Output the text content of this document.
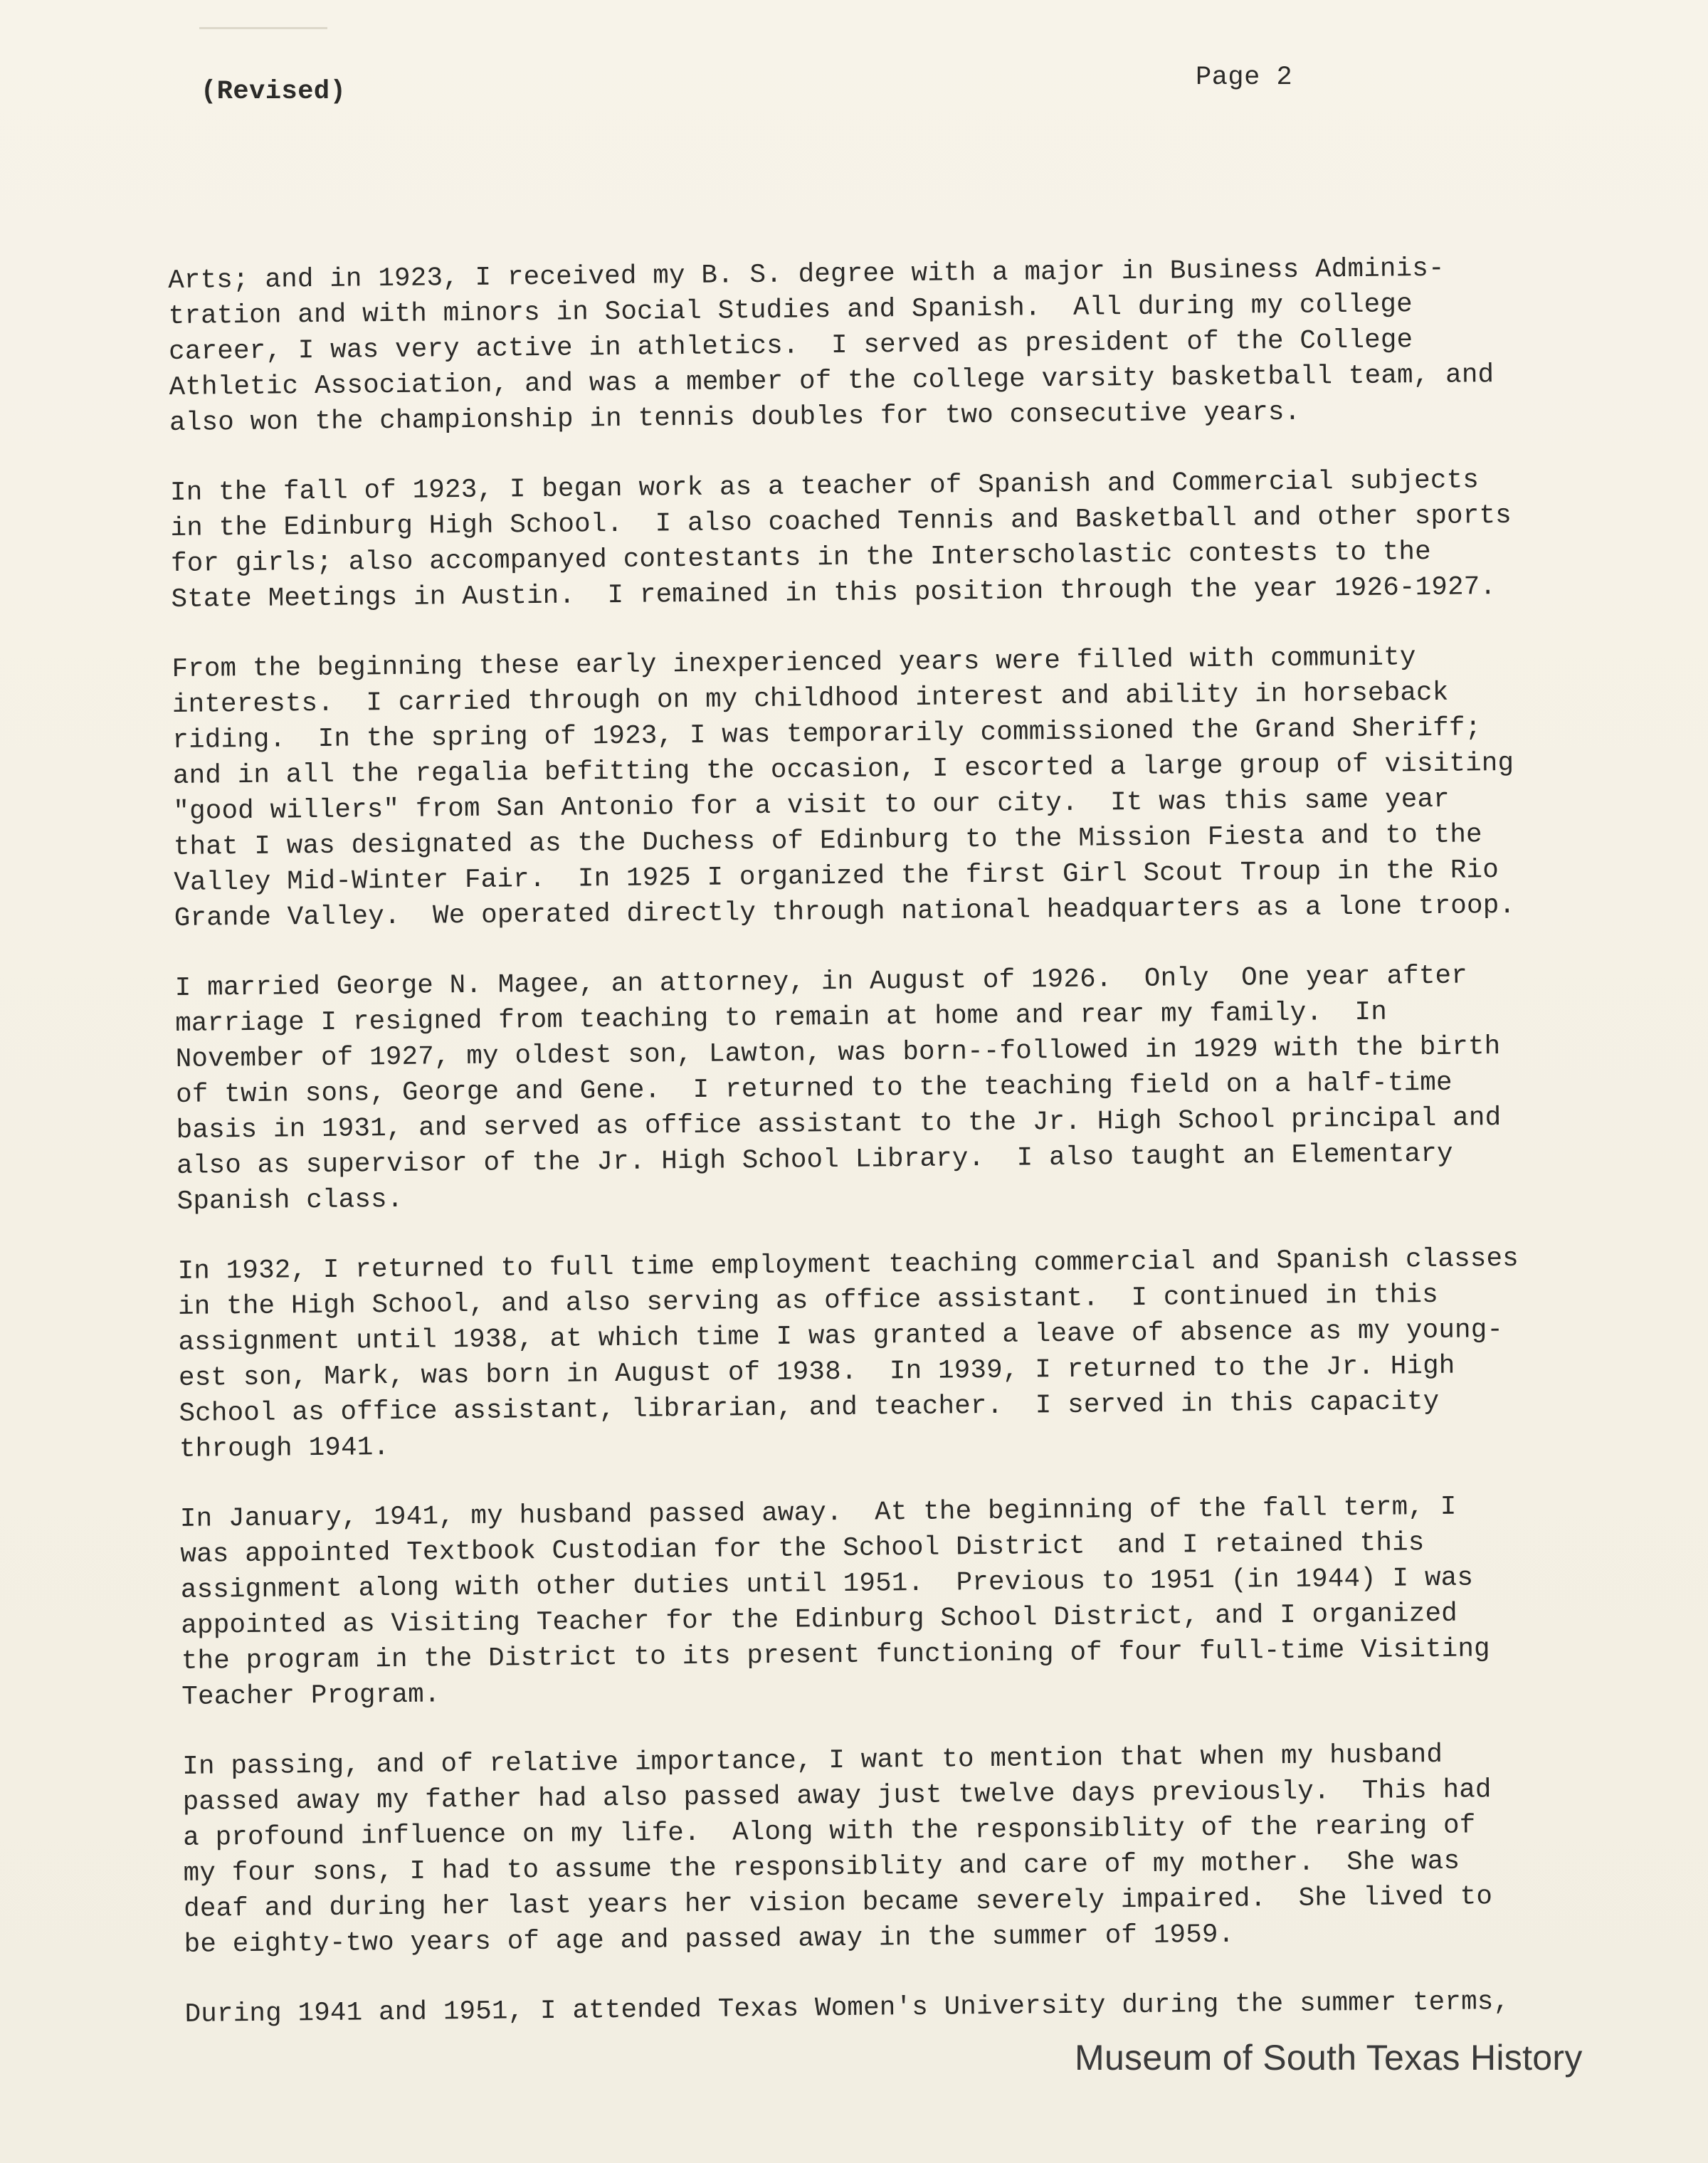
(Revised)	Page 2
Arts; and in 1923, I received my B. S. degree with a major in Business Adminis-
tration and with minors in Social Studies and Spanish.  All during my college
career, I was very active in athletics.  I served as president of the College
Athletic Association, and was a member of the college varsity basketball team, and
also won the championship in tennis doubles for two consecutive years.
In the fall of 1923, I began work as a teacher of Spanish and Commercial subjects
in the Edinburg High School.  I also coached Tennis and Basketball and other sports
for girls; also accompanyed contestants in the Interscholastic contests to the
State Meetings in Austin.  I remained in this position through the year 1926-1927.
From the beginning these early inexperienced years were filled with community
interests.  I carried through on my childhood interest and ability in horseback
riding.  In the spring of 1923, I was temporarily commissioned the Grand Sheriff;
and in all the regalia befitting the occasion, I escorted a large group of visiting
"good willers" from San Antonio for a visit to our city.  It was this same year
that I was designated as the Duchess of Edinburg to the Mission Fiesta and to the
Valley Mid-Winter Fair.  In 1925 I organized the first Girl Scout Troup in the Rio
Grande Valley.  We operated directly through national headquarters as a lone troop.
I married George N. Magee, an attorney, in August of 1926.  Only  One year after
marriage I resigned from teaching to remain at home and rear my family.  In
November of 1927, my oldest son, Lawton, was born--followed in 1929 with the birth
of twin sons, George and Gene.  I returned to the teaching field on a half-time
basis in 1931, and served as office assistant to the Jr. High School principal and
also as supervisor of the Jr. High School Library.  I also taught an Elementary
Spanish class.
In 1932, I returned to full time employment teaching commercial and Spanish classes
in the High School, and also serving as office assistant.  I continued in this
assignment until 1938, at which time I was granted a leave of absence as my young-
est son, Mark, was born in August of 1938.  In 1939, I returned to the Jr. High
School as office assistant, librarian, and teacher.  I served in this capacity
through 1941.
In January, 1941, my husband passed away.  At the beginning of the fall term, I
was appointed Textbook Custodian for the School District  and I retained this
assignment along with other duties until 1951.  Previous to 1951 (in 1944) I was
appointed as Visiting Teacher for the Edinburg School District, and I organized
the program in the District to its present functioning of four full-time Visiting
Teacher Program.
In passing, and of relative importance, I want to mention that when my husband
passed away my father had also passed away just twelve days previously.  This had
a profound influence on my life.  Along with the responsiblity of the rearing of
my four sons, I had to assume the responsiblity and care of my mother.  She was
deaf and during her last years her vision became severely impaired.  She lived to
be eighty-two years of age and passed away in the summer of 1959.
During 1941 and 1951, I attended Texas Women's University during the summer terms,
Museum of South Texas History
